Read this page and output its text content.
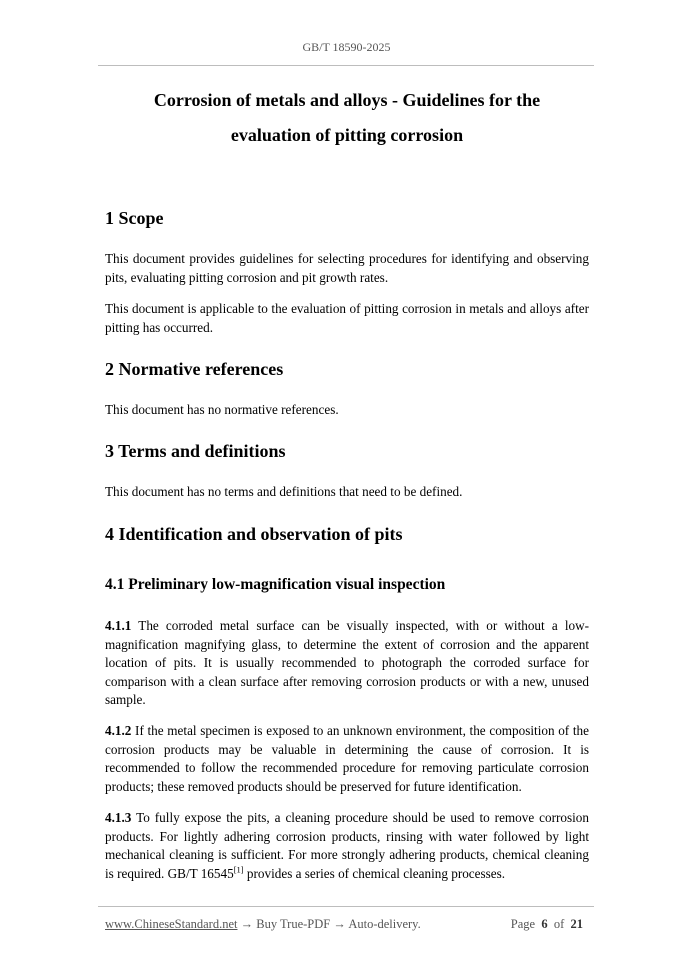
GB/T 18590-2025

Corrosion of metals and alloys - Guidelines for the

evaluation of pitting corrosion

1 Scope

This document provides guidelines for selecting procedures for identifying and observing pits, evaluating pitting corrosion and pit growth rates.

This document is applicable to the evaluation of pitting corrosion in metals and alloys after pitting has occurred.

2 Normative references

This document has no normative references.

3 Terms and definitions

This document has no terms and definitions that need to be defined.

4 Identification and observation of pits
4.1 Preliminary low-magnification visual inspection

4.1.1 The corroded metal surface can be visually inspected, with or without a low-magnification magnifying glass, to determine the extent of corrosion and the apparent location of pits. It is usually recommended to photograph the corroded surface for comparison with a clean surface after removing corrosion products or with a new, unused sample.

4.1.2 If the metal specimen is exposed to an unknown environment, the composition of the corrosion products may be valuable in determining the cause of corrosion. It is recommended to follow the recommended procedure for removing particulate corrosion products; these removed products should be preserved for future identification.

4.1.3 To fully expose the pits, a cleaning procedure should be used to remove corrosion products. For lightly adhering corrosion products, rinsing with water followed by light mechanical cleaning is sufficient. For more strongly adhering products, chemical cleaning is required. GB/T 16545[1] provides a series of chemical cleaning processes.

www.ChineseStandard.net → Buy True-PDF → Auto-delivery.	Page 6 of 21
